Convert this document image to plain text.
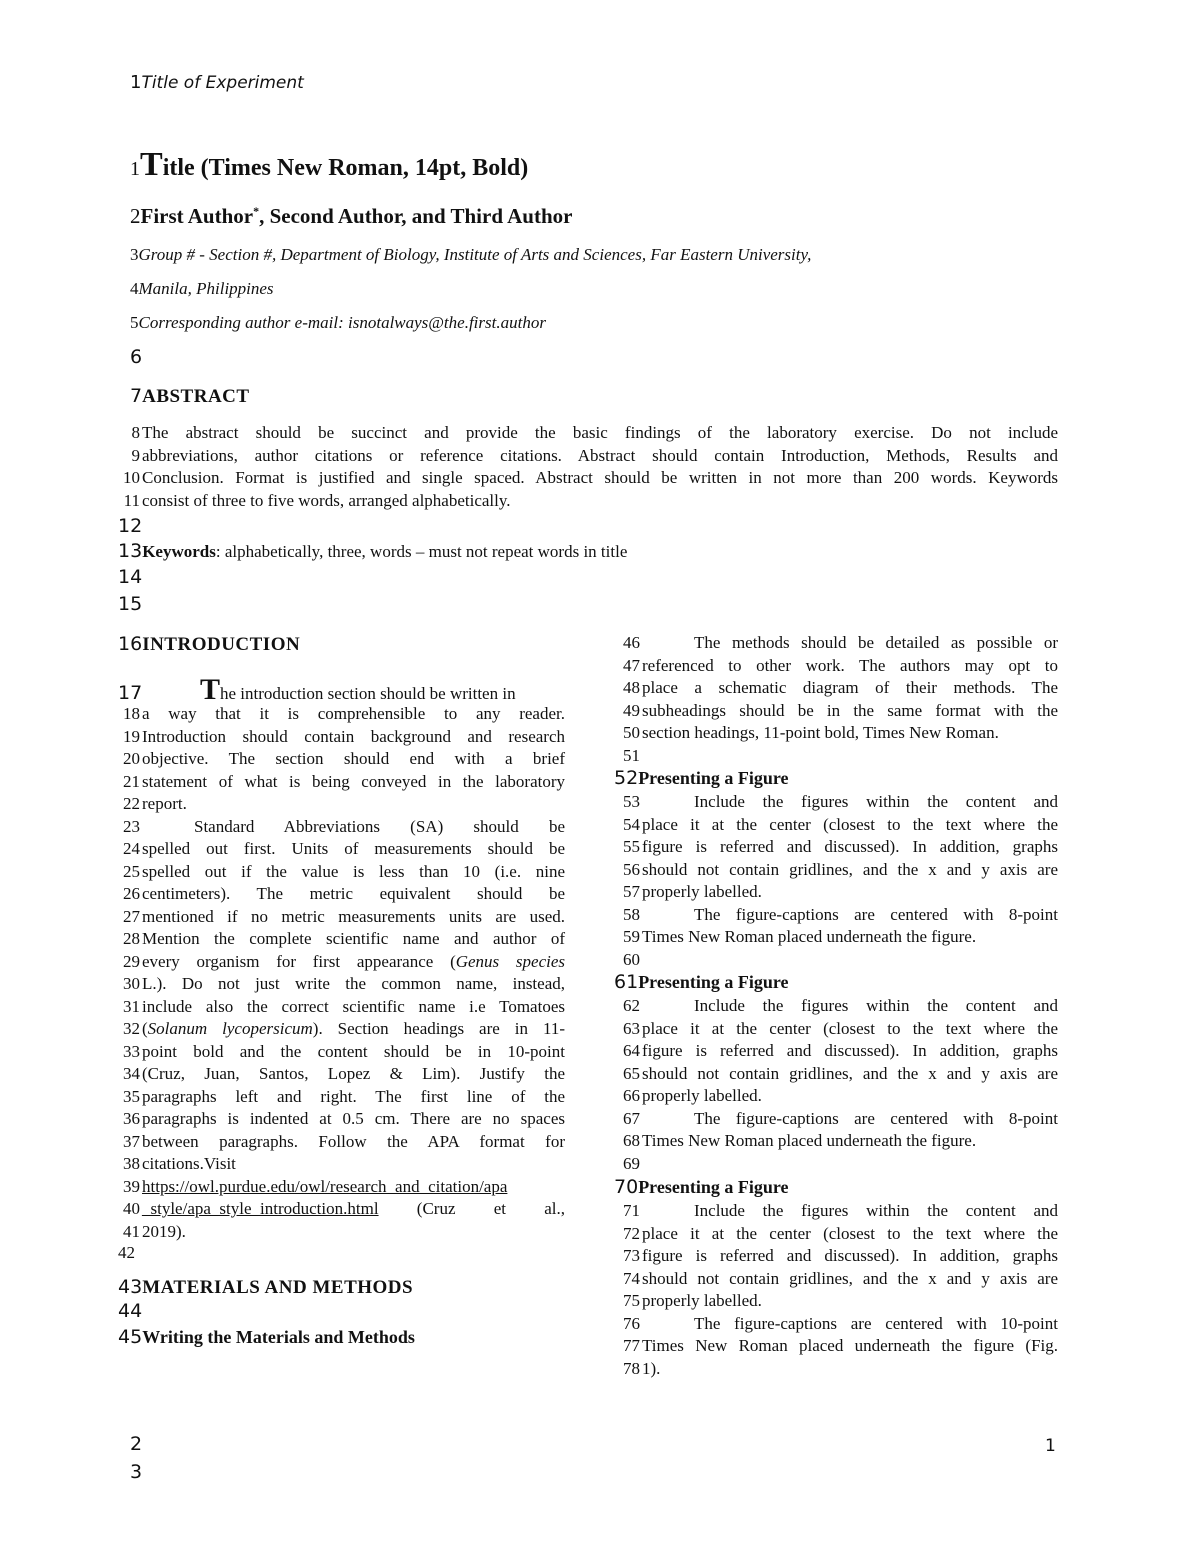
1Title of Experiment
1Title (Times New Roman, 14pt, Bold)
2First Author*, Second Author, and Third Author
3Group # - Section #, Department of Biology, Institute of Arts and Sciences, Far Eastern University,
4Manila, Philippines
5Corresponding author e-mail: isnotalways@the.first.author
6
7ABSTRACT
8 The abstract should be succinct and provide the basic findings of the laboratory exercise. Do not include
9 abbreviations, author citations or reference citations. Abstract should contain Introduction, Methods, Results and
10 Conclusion. Format is justified and single spaced. Abstract should be written in not more than 200 words. Keywords
11 consist of three to five words, arranged alphabetically.
12
13Keywords: alphabetically, three, words – must not repeat words in title
14
15
16INTRODUCTION
17	T he introduction section should be written in
18 a way that it is comprehensible to any reader.
19 Introduction should contain background and research
20 objective. The section should end with a brief
21 statement of what is being conveyed in the laboratory
22 report.
23	Standard Abbreviations (SA) should be
24 spelled out first. Units of measurements should be
25 spelled out if the value is less than 10 (i.e. nine
26 centimeters). The metric equivalent should be
27 mentioned if no metric measurements units are used.
28 Mention the complete scientific name and author of
29 every organism for first appearance (Genus species
30 L.). Do not just write the common name, instead,
31 include also the correct scientific name i.e Tomatoes
32 (Solanum lycopersicum). Section headings are in 11-
33 point bold and the content should be in 10-point
34 (Cruz, Juan, Santos, Lopez & Lim). Justify the
35 paragraphs left and right. The first line of the
36 paragraphs is indented at 0.5 cm. There are no spaces
37 between paragraphs. Follow the APA format for
38 citations.Visit
39 https://owl.purdue.edu/owl/research_and_citation/apa
40 _style/apa_style_introduction.html (Cruz et al.,
41 2019).
42
43MATERIALS AND METHODS
44
45Writing the Materials and Methods
46	The methods should be detailed as possible or
47 referenced to other work. The authors may opt to
48 place a schematic diagram of their methods. The
49 subheadings should be in the same format with the
50 section headings, 11-point bold, Times New Roman.
51
52Presenting a Figure
53	Include the figures within the content and
54 place it at the center (closest to the text where the
55 figure is referred and discussed). In addition, graphs
56 should not contain gridlines, and the x and y axis are
57 properly labelled.
58	The figure-captions are centered with 8-point
59 Times New Roman placed underneath the figure.
60
61Presenting a Figure
62	Include the figures within the content and
63 place it at the center (closest to the text where the
64 figure is referred and discussed). In addition, graphs
65 should not contain gridlines, and the x and y axis are
66 properly labelled.
67	The figure-captions are centered with 8-point
68 Times New Roman placed underneath the figure.
69
70Presenting a Figure
71	Include the figures within the content and
72 place it at the center (closest to the text where the
73 figure is referred and discussed). In addition, graphs
74 should not contain gridlines, and the x and y axis are
75 properly labelled.
76	The figure-captions are centered with 10-point
77 Times New Roman placed underneath the figure (Fig.
78 1).
2
3
1
